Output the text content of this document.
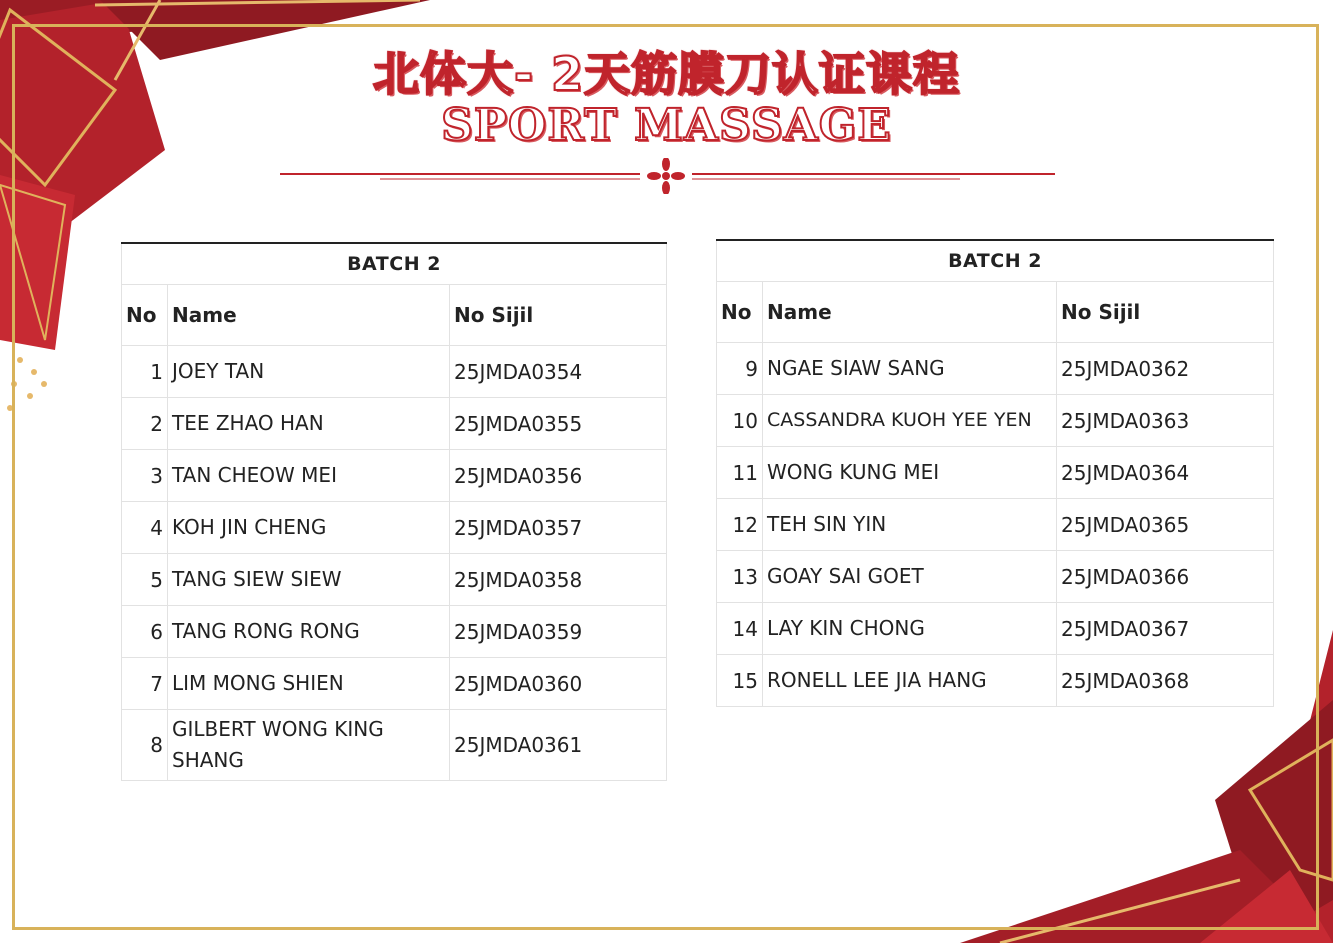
北体大- 2天筋膜刀认证课程
SPORT MASSAGE
BATCH 2		
No	Name	No Sijil
1	JOEY TAN	25JMDA0354
2	TEE ZHAO HAN	25JMDA0355
3	TAN CHEOW MEI	25JMDA0356
4	KOH JIN CHENG	25JMDA0357
5	TANG SIEW SIEW	25JMDA0358
6	TANG RONG RONG	25JMDA0359
7	LIM MONG SHIEN	25JMDA0360
8	GILBERT WONG KING SHANG	25JMDA0361
BATCH 2		
No	Name	No Sijil
9	NGAE SIAW SANG	25JMDA0362
10	CASSANDRA KUOH YEE YEN	25JMDA0363
11	WONG KUNG MEI	25JMDA0364
12	TEH SIN YIN	25JMDA0365
13	GOAY SAI GOET	25JMDA0366
14	LAY KIN CHONG	25JMDA0367
15	RONELL LEE JIA HANG	25JMDA0368
